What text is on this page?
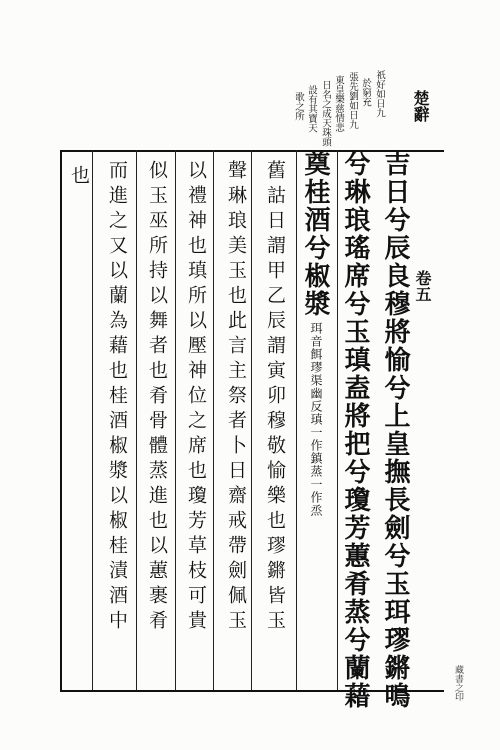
楚辭
卷五
祇好如日九
於窮充
張先劉如日九
東皇樂慈情悲
日名之成天珠頭
設有其寶天
歌之所
吉日兮辰良穆將愉兮上皇撫長劍兮玉珥璆鏘鳴
兮琳琅瑤席兮玉瑱盍將把兮瓊芳蕙肴蒸兮蘭藉
奠桂酒兮椒漿
珥音餌璆渠幽反瑱一作鎮蒸一作烝
舊詁日謂甲乙辰謂寅卯穆敬愉樂也璆鏘皆玉
聲琳琅美玉也此言主祭者卜日齋戒帶劍佩玉
以禮神也瑱所以壓神位之席也瓊芳草枝可貴
似玉巫所持以舞者也肴骨體蒸進也以蕙裹肴
而進之又以蘭為藉也桂酒椒漿以椒桂漬酒中
也
藏書之印
